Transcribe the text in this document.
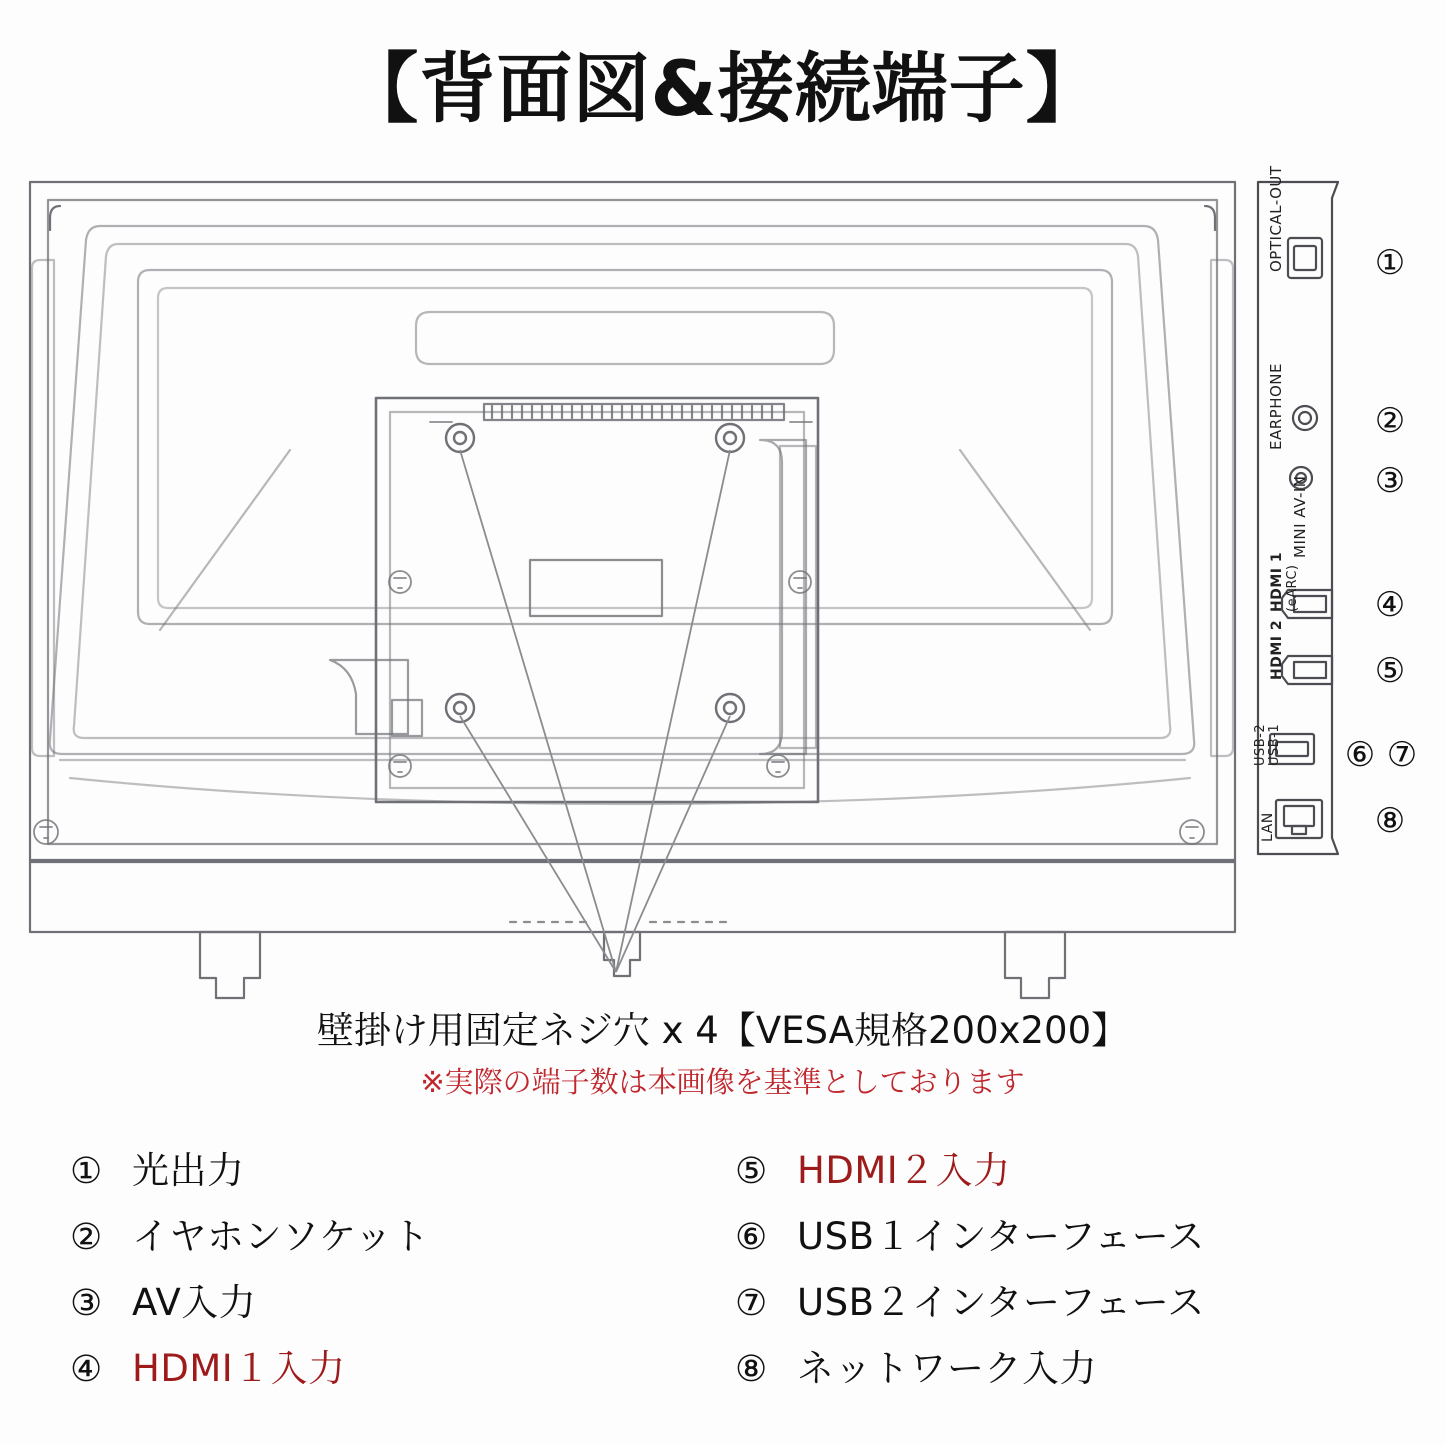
【背面図&接続端子】
OPTICAL-OUT
EARPHONE
MINI AV-IN
(eARC)
HDMI 1
HDMI 2
USB-2 USB-1
LAN
①
②
③
④
⑤
⑥ ⑦
⑧
壁掛け用固定ネジ穴 x 4【VESA規格200x200】
※実際の端子数は本画像を基準としております
① 光出力
② イヤホンソケット
③ AV入力
④ HDMI１入力
⑤ HDMI２入力
⑥ USB１インターフェース
⑦ USB２インターフェース
⑧ ネットワーク入力
